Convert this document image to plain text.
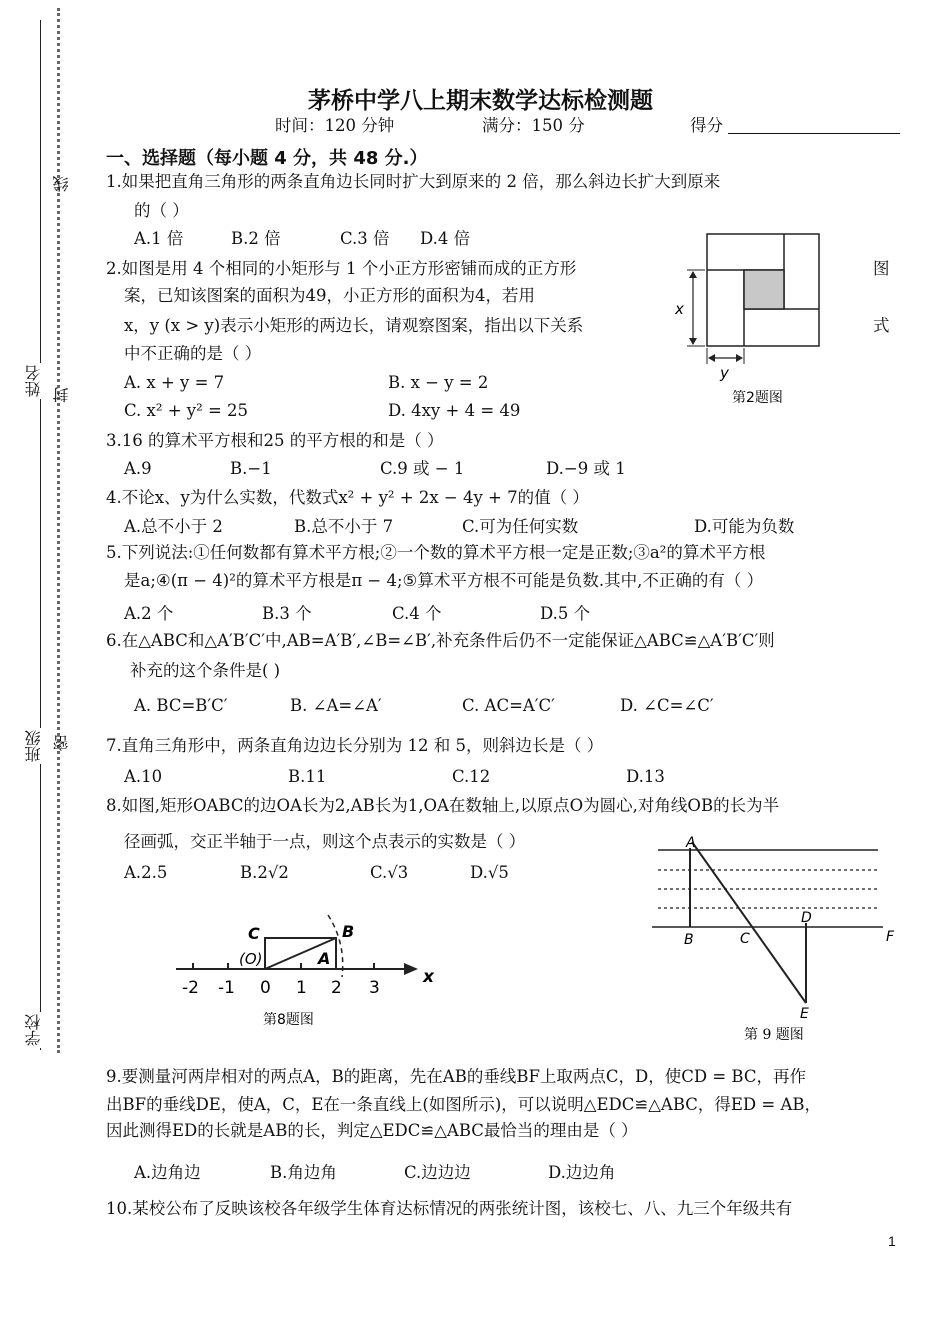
线
姓名 封
班级 密
学校
茅桥中学八上期末数学达标检测题
时间：120 分钟	满分：150 分	得分
一、选择题（每小题 4 分，共 48 分.）
1.如果把直角三角形的两条直角边长同时扩大到原来的 2 倍，那么斜边长扩大到原来
的（ ）
A.1 倍	B.2 倍	C.3 倍 D.4 倍
2.如图是用 4 个相同的小矩形与 1 个小正方形密铺而成的正方形
案，已知该图案的面积为49，小正方形的面积为4，若用
x，y (x > y)表示小矩形的两边长，请观察图案，指出以下关系
中不正确的是（ ）
图
式
A. x + y = 7	B. x − y = 2
C. x² + y² = 25	D. 4xy + 4 = 49
x
y
第2题图
3.16 的算术平方根和25 的平方根的和是（ ）
A.9	B.−1	C.9 或 − 1	D.−9 或 1
4.不论x、y为什么实数，代数式x² + y² + 2x − 4y + 7的值（ ）
A.总不小于 2	B.总不小于 7	C.可为任何实数	D.可能为负数
5.下列说法:①任何数都有算术平方根;②一个数的算术平方根一定是正数;③a²的算术平方根
是a;④(π − 4)²的算术平方根是π − 4;⑤算术平方根不可能是负数.其中,不正确的有（ ）
A.2 个	B.3 个	C.4 个	D.5 个
6.在△ABC和△A′B′C′中,AB=A′B′,∠B=∠B′,补充条件后仍不一定能保证△ABC≌△A′B′C′则
补充的这个条件是( )
A. BC=B′C′	B. ∠A=∠A′	C. AC=A′C′	D. ∠C=∠C′
7.直角三角形中，两条直角边边长分别为 12 和 5，则斜边长是（ ）
A.10	B.11	C.12	D.13
8.如图,矩形OABC的边OA长为2,AB长为1,OA在数轴上,以原点O为圆心,对角线OB的长为半
径画弧，交正半轴于一点，则这个点表示的实数是（ ）
A.2.5	B.2√2	C.√3	D.√5
-2 -1 0 1 2 3
C	B
(O)	A
x
第8题图
A
B	C
D
E
F
第 9 题图
9.要测量河两岸相对的两点A，B的距离，先在AB的垂线BF上取两点C，D，使CD = BC，再作
出BF的垂线DE，使A，C，E在一条直线上(如图所示)，可以说明△EDC≌△ABC，得ED = AB，
因此测得ED的长就是AB的长，判定△EDC≌△ABC最恰当的理由是（ ）
A.边角边	B.角边角	C.边边边	D.边边角
10.某校公布了反映该校各年级学生体育达标情况的两张统计图，该校七、八、九三个年级共有
1
